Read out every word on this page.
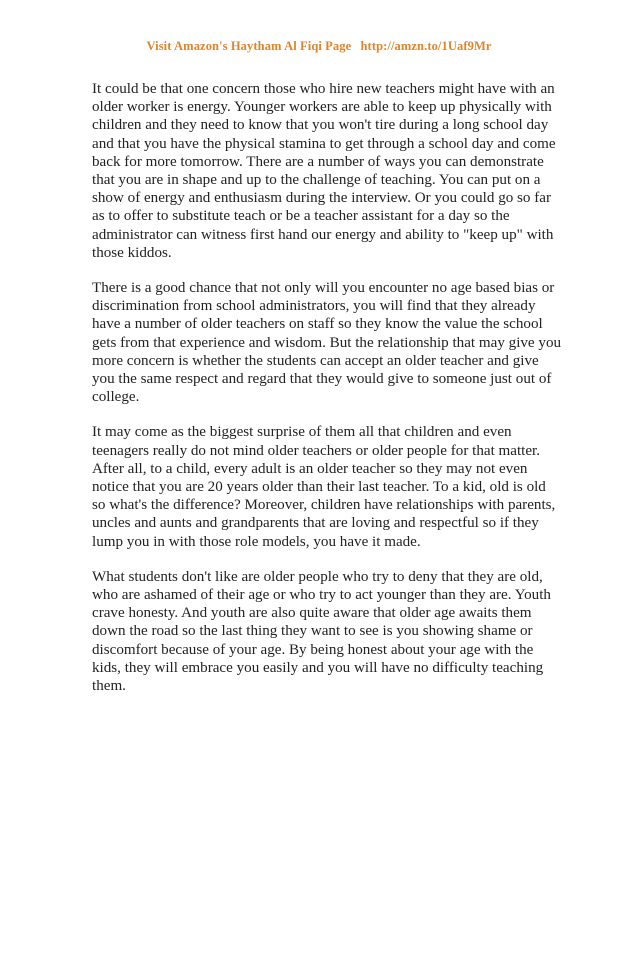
Visit Amazon's Haytham Al Fiqi Page http://amzn.to/1Uaf9Mr

It could be that one concern those who hire new teachers might have with an
older worker is energy. Younger workers are able to keep up physically with
children and they need to know that you won't tire during a long school day
and that you have the physical stamina to get through a school day and come
back for more tomorrow. There are a number of ways you can demonstrate
that you are in shape and up to the challenge of teaching. You can put on a
show of energy and enthusiasm during the interview. Or you could go so far
as to offer to substitute teach or be a teacher assistant for a day so the
administrator can witness first hand our energy and ability to "keep up" with
those kiddos.

There is a good chance that not only will you encounter no age based bias or
discrimination from school administrators, you will find that they already
have a number of older teachers on staff so they know the value the school
gets from that experience and wisdom. But the relationship that may give you
more concern is whether the students can accept an older teacher and give
you the same respect and regard that they would give to someone just out of
college.

It may come as the biggest surprise of them all that children and even
teenagers really do not mind older teachers or older people for that matter.
After all, to a child, every adult is an older teacher so they may not even
notice that you are 20 years older than their last teacher. To a kid, old is old
so what's the difference? Moreover, children have relationships with parents,
uncles and aunts and grandparents that are loving and respectful so if they
lump you in with those role models, you have it made.

What students don't like are older people who try to deny that they are old,
who are ashamed of their age or who try to act younger than they are. Youth
crave honesty. And youth are also quite aware that older age awaits them
down the road so the last thing they want to see is you showing shame or
discomfort because of your age. By being honest about your age with the
kids, they will embrace you easily and you will have no difficulty teaching
them.
